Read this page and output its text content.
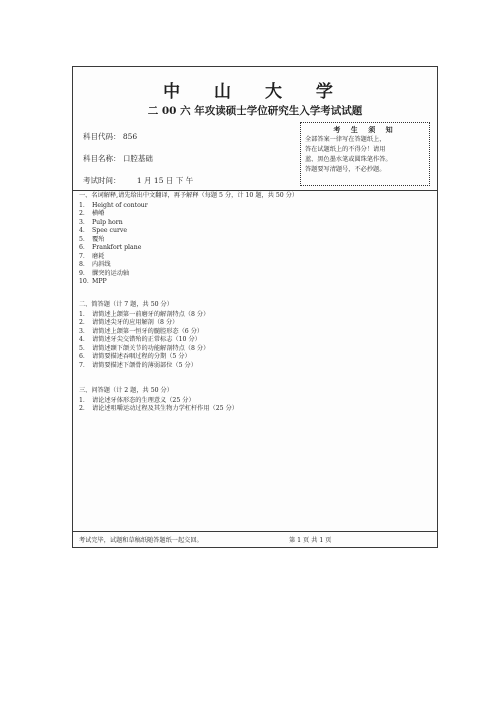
中 山 大 学
二 00 六 年攻读硕士学位研究生入学考试试题
科目代码： 856
科目名称： 口腔基础
考试时间： 1 月 15 日 下 午
考 生 须 知
全部答案一律写在答题纸上，
答在试题纸上的不得分！请用
蓝、黑色墨水笔或圆珠笔作答。
答题要写清题号，不必抄题。
一、名词解释,请先给出中文翻译，再予解释（每题 5 分，计 10 题，共 50 分）
1． Height of contour
2． 横嵴
3． Pulp horn
4． Spee curve
5． 覆殆
6． Frankfort plane
7． 磨耗
8． 内斜线
9． 髁突的运动轴
10．
MPP
二、简答题（计 7 题，共 50 分）
1． 请简述上颌第一前磨牙的解剖特点（8 分）
2． 请简述尖牙的应用解剖（8 分）
3． 请简述上颌第一恒牙的髓腔形态（6 分）
4． 请简述牙尖交错殆的正常标志（10 分）
5． 请简述颞下颌关节的功能解剖特点（8 分）
6． 请简要描述吞咽过程的分期（5 分）
7． 请简要描述下颌骨的薄弱部位（5 分）
三、问答题（计 2 题，共 50 分）
1． 请论述牙体形态的生理意义（25 分）
2． 请论述咀嚼运动过程及其生物力学杠杆作用（25 分）
考试完毕，试题和草稿纸随答题纸一起交回。	第 1 页 共 1 页
